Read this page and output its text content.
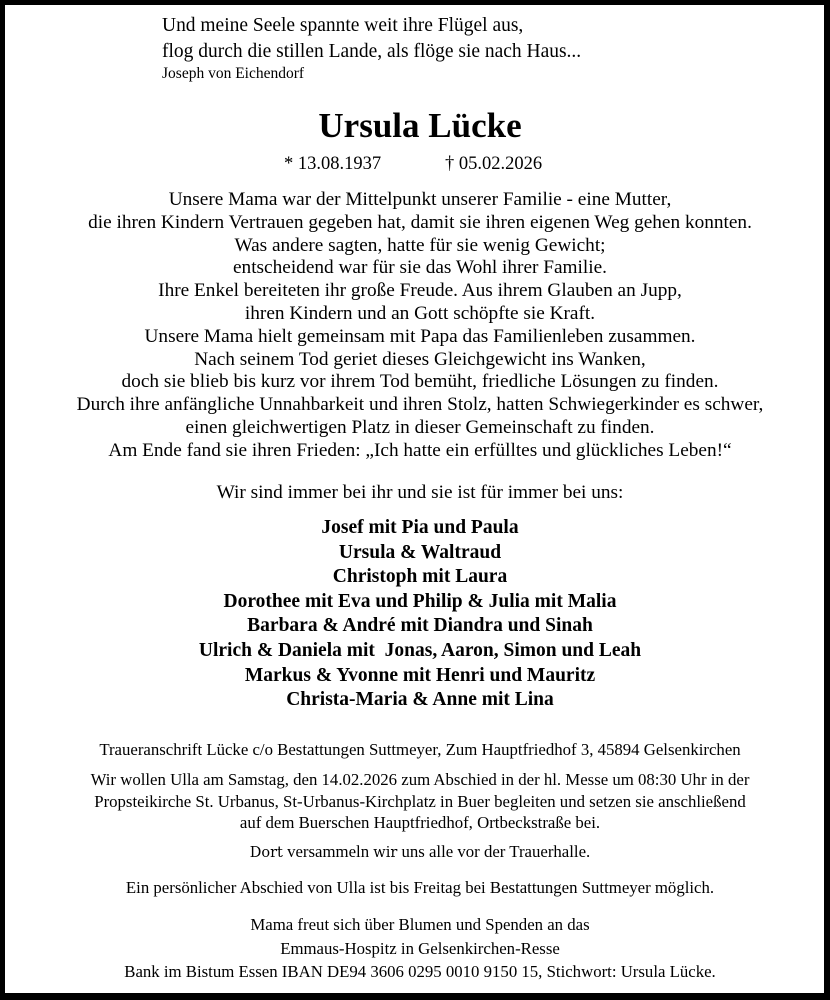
Und meine Seele spannte weit ihre Flügel aus,
flog durch die stillen Lande, als flöge sie nach Haus...
Joseph von Eichendorf
Ursula Lücke
* 13.08.1937	† 05.02.2026
Unsere Mama war der Mittelpunkt unserer Familie - eine Mutter,
die ihren Kindern Vertrauen gegeben hat, damit sie ihren eigenen Weg gehen konnten.
Was andere sagten, hatte für sie wenig Gewicht;
entscheidend war für sie das Wohl ihrer Familie.
Ihre Enkel bereiteten ihr große Freude. Aus ihrem Glauben an Jupp,
ihren Kindern und an Gott schöpfte sie Kraft.
Unsere Mama hielt gemeinsam mit Papa das Familienleben zusammen.
Nach seinem Tod geriet dieses Gleichgewicht ins Wanken,
doch sie blieb bis kurz vor ihrem Tod bemüht, friedliche Lösungen zu finden.
Durch ihre anfängliche Unnahbarkeit und ihren Stolz, hatten Schwiegerkinder es schwer,
einen gleichwertigen Platz in dieser Gemeinschaft zu finden.
Am Ende fand sie ihren Frieden: „Ich hatte ein erfülltes und glückliches Leben!“

Wir sind immer bei ihr und sie ist für immer bei uns:

Josef mit Pia und Paula
Ursula & Waltraud
Christoph mit Laura
Dorothee mit Eva und Philip & Julia mit Malia
Barbara & André mit Diandra und Sinah
Ulrich & Daniela mit  Jonas, Aaron, Simon und Leah
Markus & Yvonne mit Henri und Mauritz
Christa-Maria & Anne mit Lina
Traueranschrift Lücke c/o Bestattungen Suttmeyer, Zum Hauptfriedhof 3, 45894 Gelsenkirchen
Wir wollen Ulla am Samstag, den 14.02.2026 zum Abschied in der hl. Messe um 08:30 Uhr in der
Propsteikirche St. Urbanus, St-Urbanus-Kirchplatz in Buer begleiten und setzen sie anschließend
auf dem Buerschen Hauptfriedhof, Ortbeckstraße bei.
Dort versammeln wir uns alle vor der Trauerhalle.
Ein persönlicher Abschied von Ulla ist bis Freitag bei Bestattungen Suttmeyer möglich.
Mama freut sich über Blumen und Spenden an das
Emmaus-Hospitz in Gelsenkirchen-Resse
Bank im Bistum Essen IBAN DE94 3606 0295 0010 9150 15, Stichwort: Ursula Lücke.
